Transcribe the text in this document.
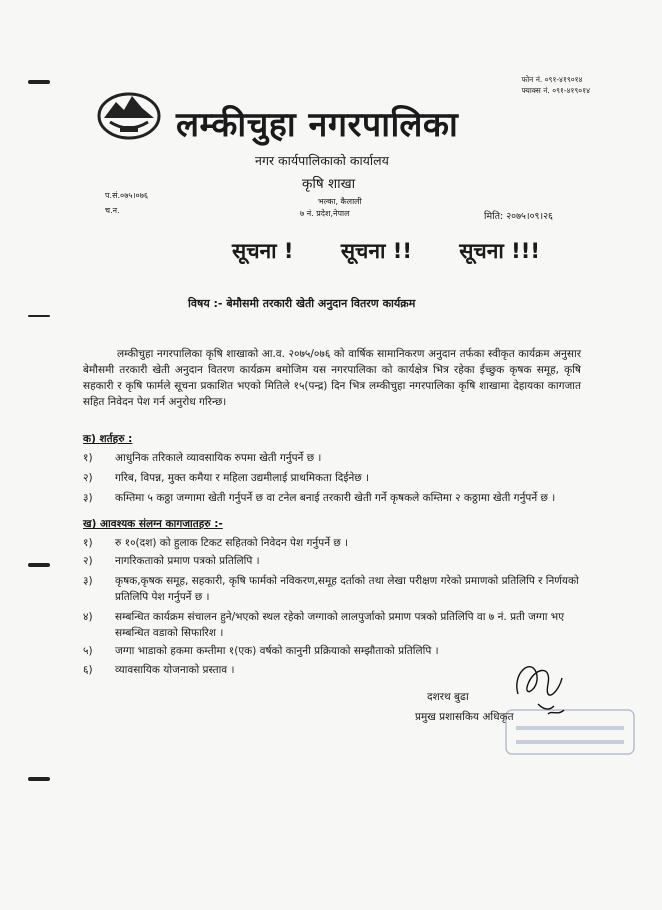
फोन नं. ०९१-४१९०१४
फ्याक्स नं. ०९१-४१९०१४
लम्कीचुहा नगरपालिका
नगर कार्यपालिकाको कार्यालय
कृषि शाखा
भल्का, कैलाली
७ नं. प्रदेश,नेपाल
प.सं.०७५।०७६
च.न.
मिति: २०७५।०९।२६
सूचना ! सूचना !! सूचना !!!
विषय :- बेमौसमी तरकारी खेती अनुदान वितरण कार्यक्रम
लम्कीचुहा नगरपालिका कृषि शाखाको आ.व. २०७५/०७६ को वार्षिक सामानिकरण अनुदान तर्फका स्वीकृत कार्यक्रम अनुसार बेमौसमी तरकारी खेती अनुदान वितरण कार्यक्रम बमोजिम यस नगरपालिका को कार्यक्षेत्र भित्र रहेका ईच्छुक कृषक समूह, कृषि सहकारी र कृषि फार्मले सूचना प्रकाशित भएको मितिले १५(पन्द्र) दिन भित्र लम्कीचुहा नगरपालिका कृषि शाखामा देहायका कागजात सहित निवेदन पेश गर्न अनुरोध गरिन्छ।
क) शर्तहरु :
१)	आधुनिक तरिकाले व्यावसायिक रुपमा खेती गर्नुपर्ने छ ।
२)	गरिब, विपन्न, मुक्त कमैया र महिला उद्यमीलाई प्राथमिकता दिईनेछ ।
३)	कम्तिमा ५ कठ्ठा जग्गामा खेती गर्नुपर्ने छ वा टनेल बनाई तरकारी खेती गर्ने कृषकले कम्तिमा २ कठ्ठामा खेती गर्नुपर्ने छ ।
ख) आवश्यक संलग्न कागजातहरु :-
१)	रु १०(दश) को हुलाक टिकट सहितको निवेदन पेश गर्नुपर्ने छ ।
२)	नागरिकताको प्रमाण पत्रको प्रतिलिपि ।
३)	कृषक,कृषक समूह, सहकारी, कृषि फार्मको नविकरण,समूह दर्ताको तथा लेखा परीक्षण गरेको प्रमाणको प्रतिलिपि र निर्णयको प्रतिलिपि पेश गर्नुपर्ने छ ।
४)	सम्बन्धित कार्यक्रम संचालन हुने/भएको स्थल रहेको जग्गाको लालपुर्जाको प्रमाण पत्रको प्रतिलिपि वा ७ नं. प्रती जग्गा भए सम्बन्धित वडाको सिफारिश ।
५)	जग्गा भाडाको हकमा कम्तीमा १(एक) वर्षको कानुनी प्रक्रियाको सम्झौताको प्रतिलिपि ।
६)	व्यावसायिक योजनाको प्रस्ताव ।
दशरथ बुढा
प्रमुख प्रशासकिय अधिकृत
